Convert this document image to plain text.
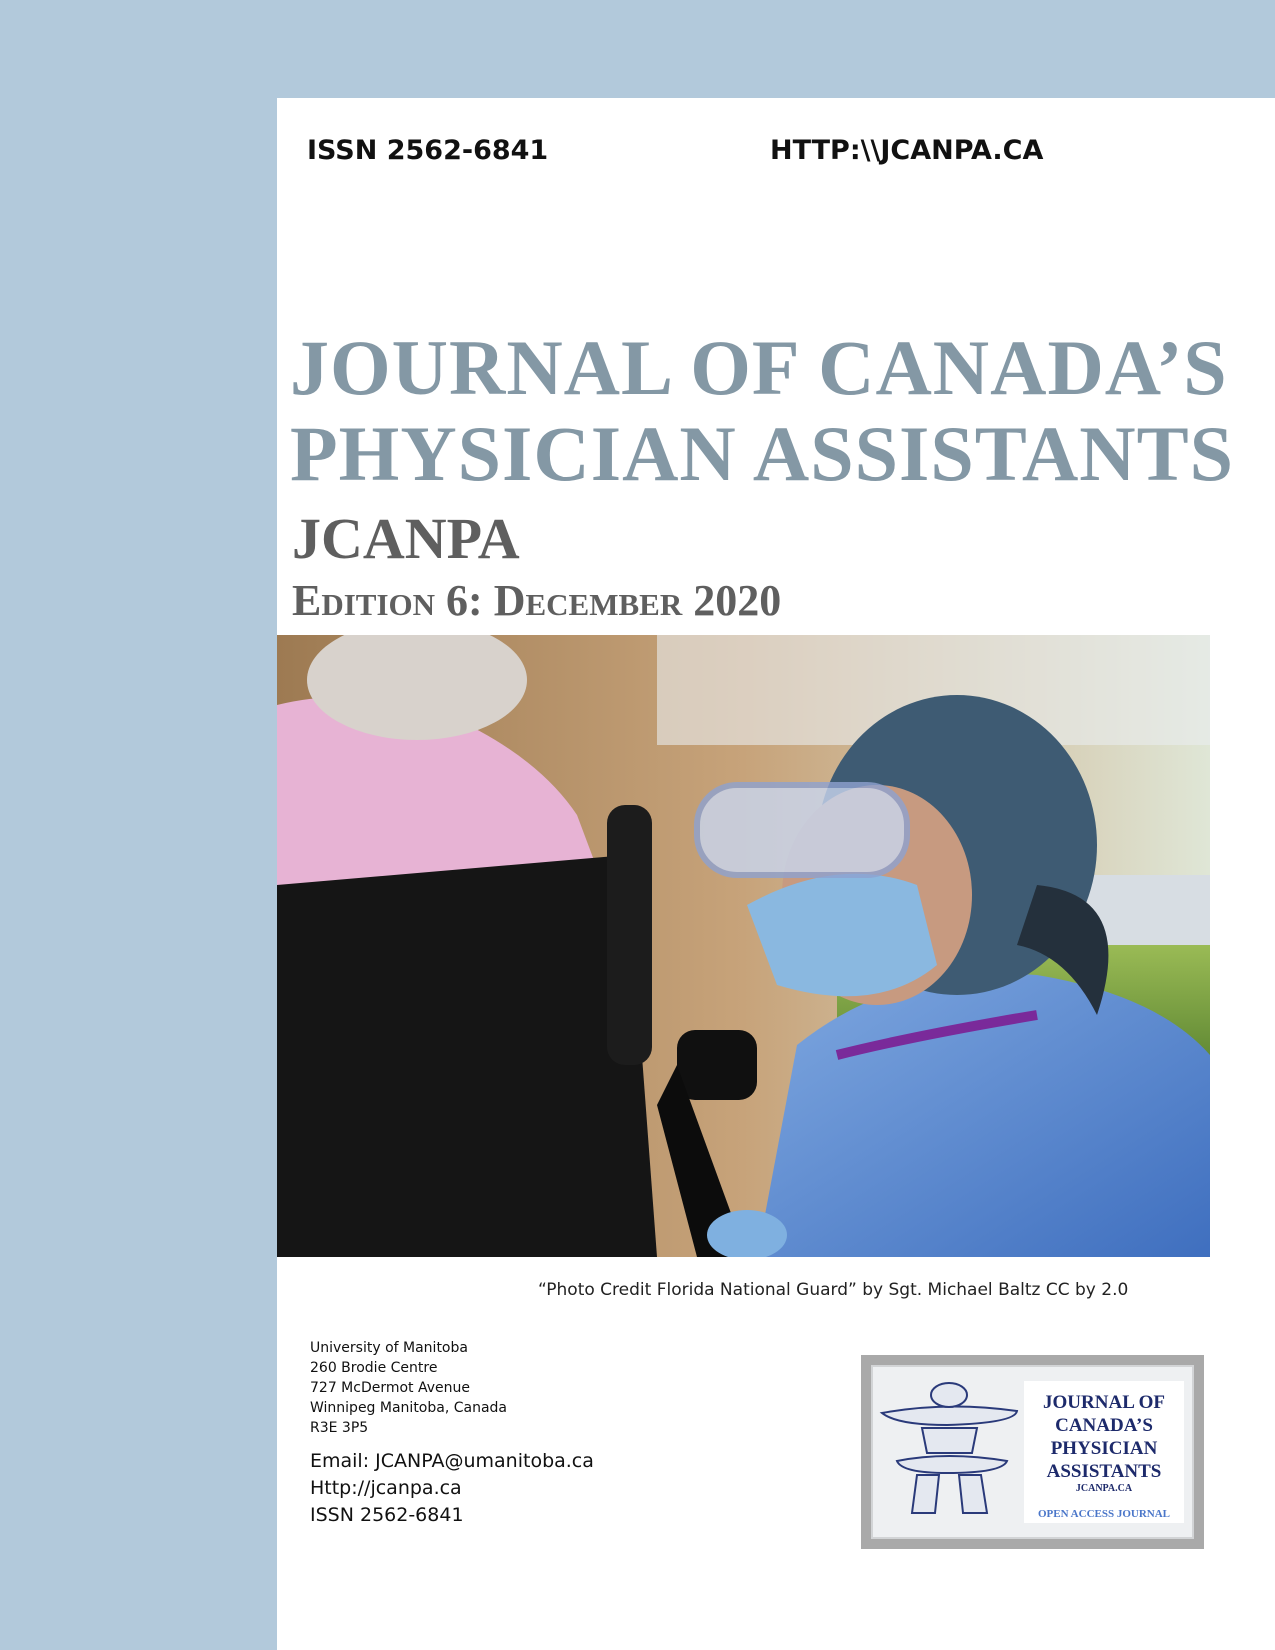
ISSN 2562-6841	HTTP:\\JCANPA.CA
JOURNAL OF CANADA’S
PHYSICIAN ASSISTANTS
JCANPA
Edition 6: December 2020
“Photo Credit Florida National Guard” by Sgt. Michael Baltz CC by 2.0
University of Manitoba
260 Brodie Centre
727 McDermot Avenue
Winnipeg Manitoba, Canada
R3E 3P5
Email: JCANPA@umanitoba.ca
Http://jcanpa.ca
ISSN 2562-6841
JOURNAL OF
CANADA’S
PHYSICIAN
ASSISTANTS
JCANPA.CA
OPEN ACCESS JOURNAL
